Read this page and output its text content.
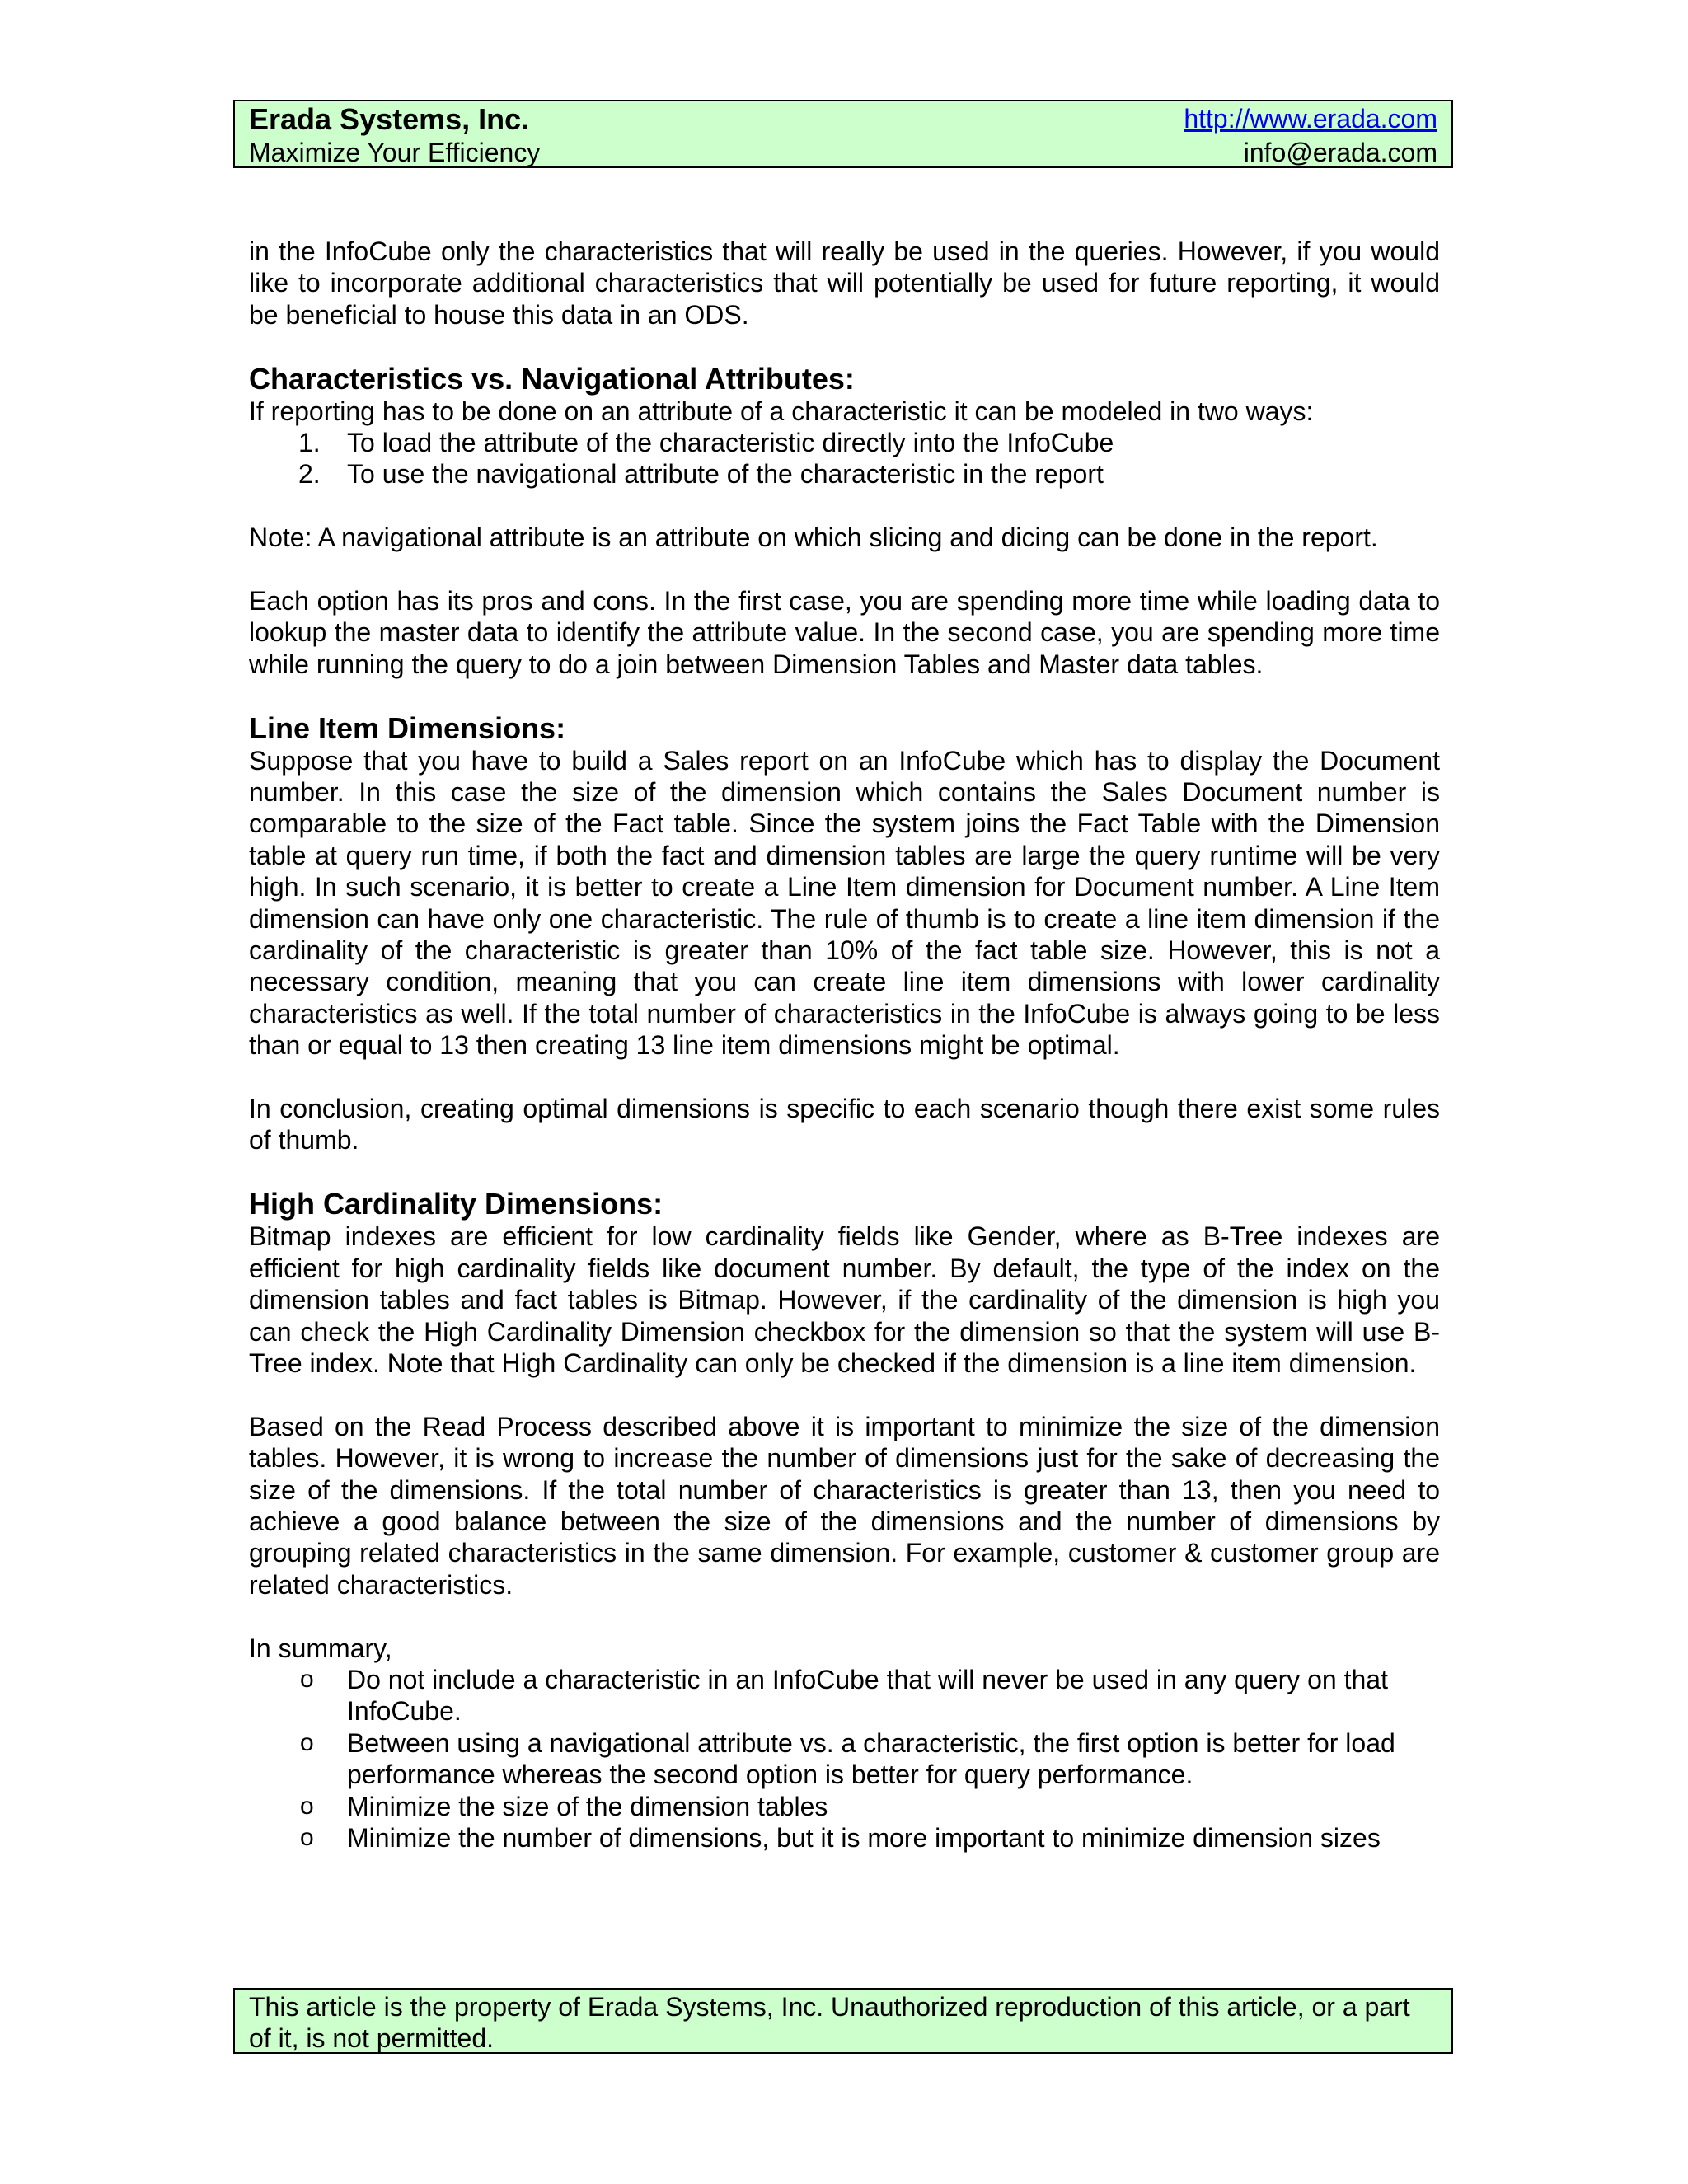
Erada Systems, Inc.
Maximize Your Efficiency
http://www.erada.com
info@erada.com

in the InfoCube only the characteristics that will really be used in the queries. However, if you would like to incorporate additional characteristics that will potentially be used for future reporting, it would be beneficial to house this data in an ODS.

Characteristics vs. Navigational Attributes:

If reporting has to be done on an attribute of a characteristic it can be modeled in two ways:

1. To load the attribute of the characteristic directly into the InfoCube
2. To use the navigational attribute of the characteristic in the report

Note: A navigational attribute is an attribute on which slicing and dicing can be done in the report.

Each option has its pros and cons. In the first case, you are spending more time while loading data to lookup the master data to identify the attribute value. In the second case, you are spending more time while running the query to do a join between Dimension Tables and Master data tables.

Line Item Dimensions:

Suppose that you have to build a Sales report on an InfoCube which has to display the Document number. In this case the size of the dimension which contains the Sales Document number is comparable to the size of the Fact table. Since the system joins the Fact Table with the Dimension table at query run time, if both the fact and dimension tables are large the query runtime will be very high. In such scenario, it is better to create a Line Item dimension for Document number. A Line Item dimension can have only one characteristic. The rule of thumb is to create a line item dimension if the cardinality of the characteristic is greater than 10% of the fact table size. However, this is not a necessary condition, meaning that you can create line item dimensions with lower cardinality characteristics as well. If the total number of characteristics in the InfoCube is always going to be less than or equal to 13 then creating 13 line item dimensions might be optimal.

In conclusion, creating optimal dimensions is specific to each scenario though there exist some rules of thumb.

High Cardinality Dimensions:

Bitmap indexes are efficient for low cardinality fields like Gender, where as B-Tree indexes are efficient for high cardinality fields like document number. By default, the type of the index on the dimension tables and fact tables is Bitmap. However, if the cardinality of the dimension is high you can check the High Cardinality Dimension checkbox for the dimension so that the system will use B-Tree index. Note that High Cardinality can only be checked if the dimension is a line item dimension.

Based on the Read Process described above it is important to minimize the size of the dimension tables. However, it is wrong to increase the number of dimensions just for the sake of decreasing the size of the dimensions. If the total number of characteristics is greater than 13, then you need to achieve a good balance between the size of the dimensions and the number of dimensions by grouping related characteristics in the same dimension. For example, customer & customer group are related characteristics.

In summary,

o Do not include a characteristic in an InfoCube that will never be used in any query on that InfoCube.
o Between using a navigational attribute vs. a characteristic, the first option is better for load performance whereas the second option is better for query performance.
o Minimize the size of the dimension tables
o Minimize the number of dimensions, but it is more important to minimize dimension sizes
This article is the property of Erada Systems, Inc. Unauthorized reproduction of this article, or a part of it, is not permitted.
